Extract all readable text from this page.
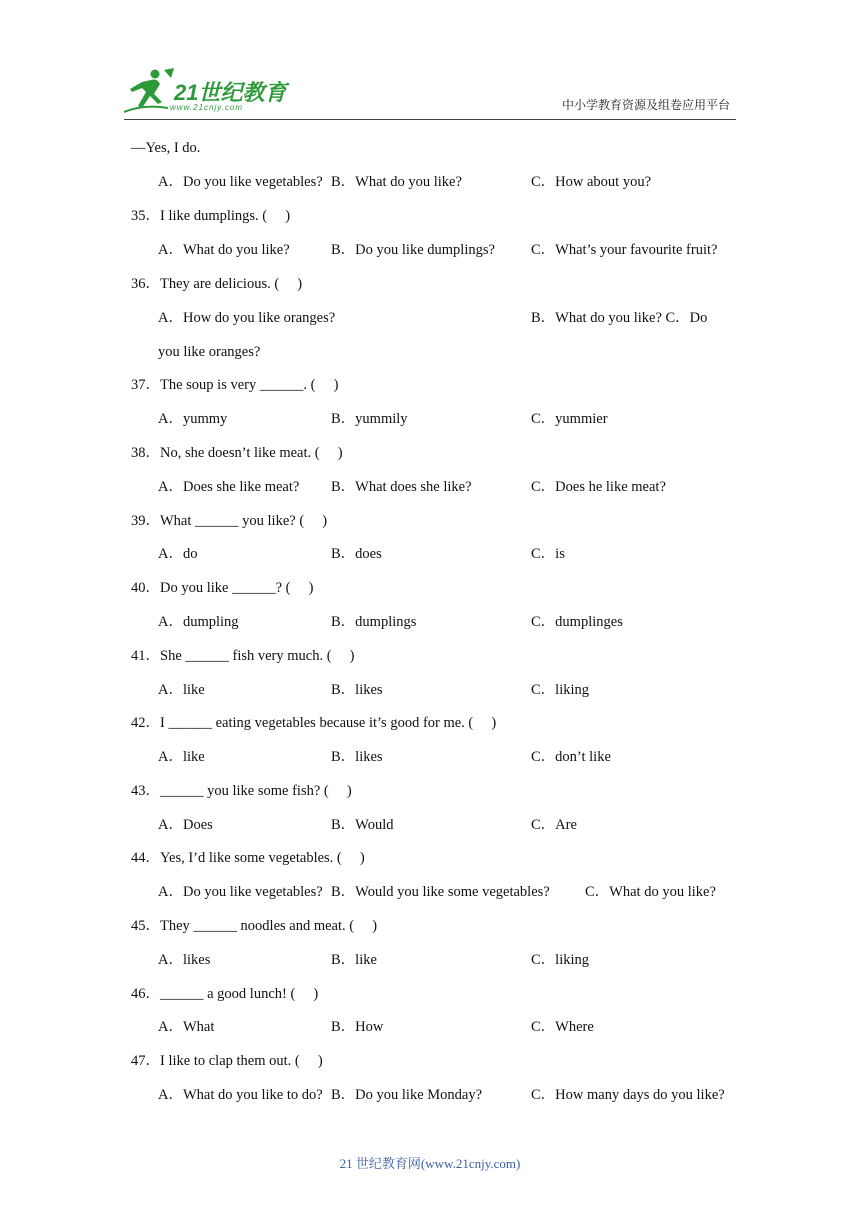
21世纪教育
www.21cnjy.com	中小学教育资源及组卷应用平台
—Yes, I do.
A．Do you like vegetables? B．What do you like?	C．How about you?
35．I like dumplings. (　 )
A．What do you like?	B．Do you like dumplings? C．What’s your favourite fruit?
36．They are delicious. (　 )
A．How do you like oranges?	B．What do you like? C．Do
you like oranges?
37．The soup is very ______. (　 )
A．yummy	B．yummily	C．yummier
38．No, she doesn’t like meat. (　 )
A．Does she like meat? B．What does she like?	C．Does he like meat?
39．What ______ you like? (　 )
A．do	B．does	C．is
40．Do you like ______? (　 )
A．dumpling	B．dumplings	C．dumplinges
41．She ______ fish very much. (　 )
A．like	B．likes	C．liking
42．I ______ eating vegetables because it’s good for me. (　 )
A．like	B．likes	C．don’t like
43．______ you like some fish? (　 )
A．Does	B．Would	C．Are
44．Yes, I’d like some vegetables. (　 )
A．Do you like vegetables? B．Would you like some vegetables? C．What do you like?
45．They ______ noodles and meat. (　 )
A．likes	B．like	C．liking
46．______ a good lunch! (　 )
A．What	B．How	C．Where
47．I like to clap them out. (　 )
A．What do you like to do? B．Do you like Monday?	C．How many days do you like?
21 世纪教育网(www.21cnjy.com)
